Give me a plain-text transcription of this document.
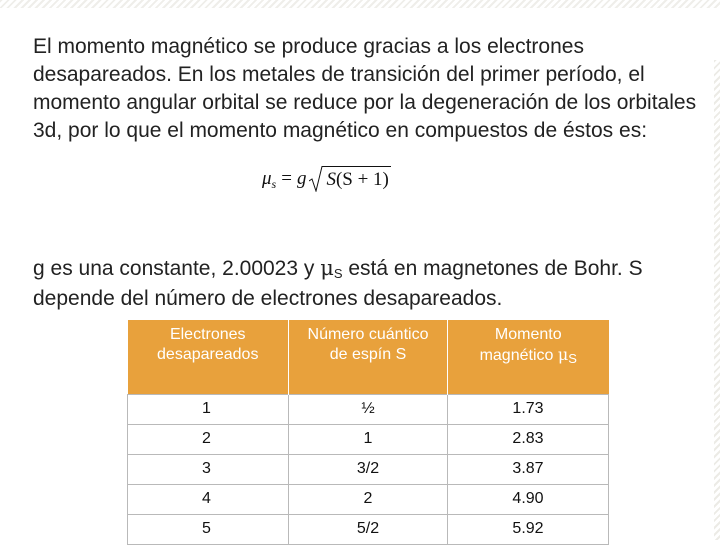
El momento magnético se produce gracias a los electrones desapareados. En los metales de transición del primer período, el momento angular orbital se reduce por la degeneración de los orbitales 3d, por lo que el momento magnético en compuestos de éstos es:

μ s = g S(S + 1)

g es una constante, 2.00023 y μS está en magnetones de Bohr. S depende del número de electrones desapareados.

Electrones desapareados	Número cuántico de espín S	Momento magnético μS
1	½	1.73
2	1	2.83
3	3/2	3.87
4	2	4.90
5	5/2	5.92
